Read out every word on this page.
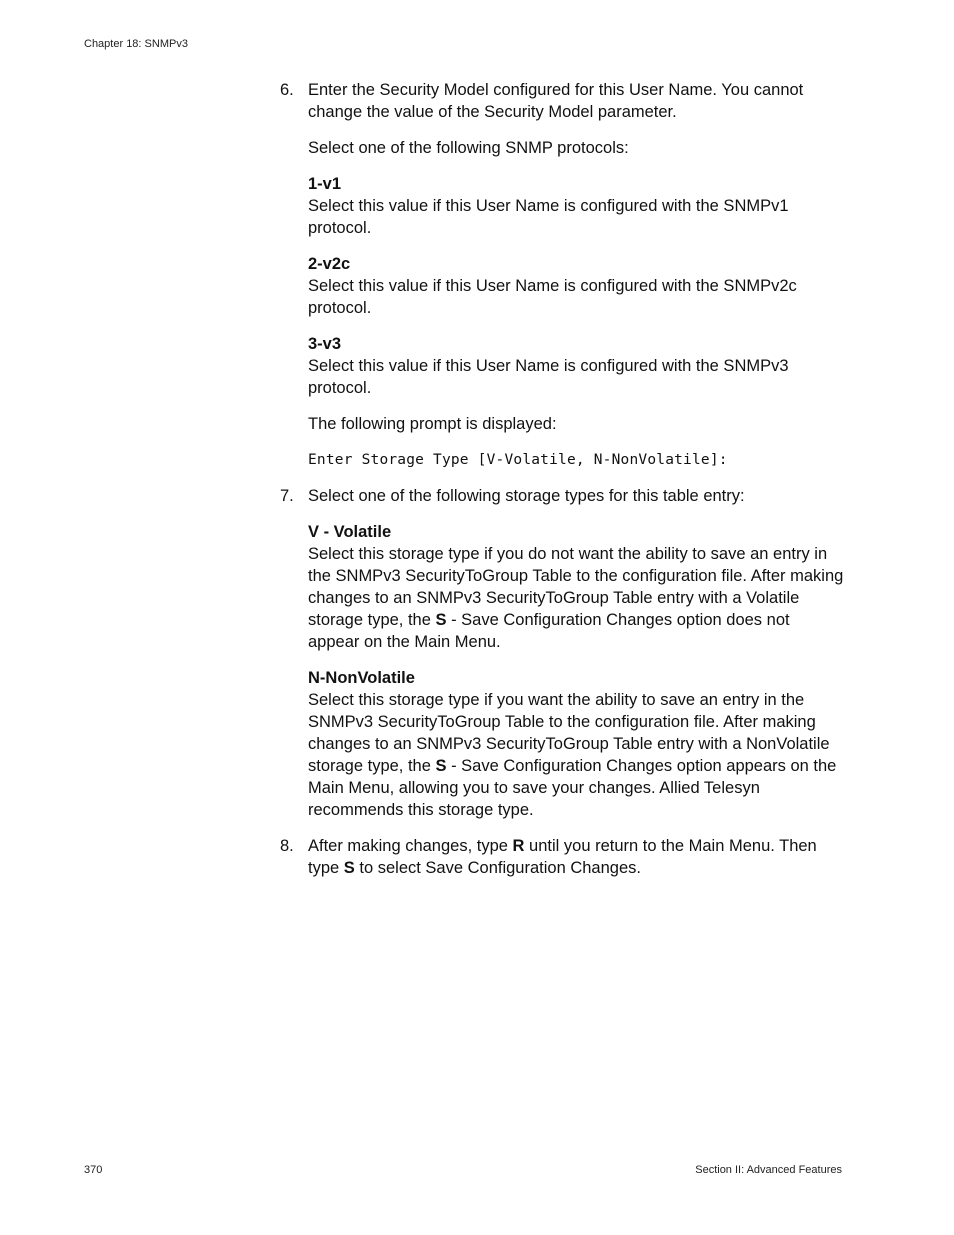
Chapter 18: SNMPv3
6. Enter the Security Model configured for this User Name. You cannot change the value of the Security Model parameter.

Select one of the following SNMP protocols:

1-v1

Select this value if this User Name is configured with the SNMPv1 protocol.

2-v2c

Select this value if this User Name is configured with the SNMPv2c protocol.

3-v3

Select this value if this User Name is configured with the SNMPv3 protocol.

The following prompt is displayed:

Enter Storage Type [V-Volatile, N-NonVolatile]:
7. Select one of the following storage types for this table entry:

V - Volatile

Select this storage type if you do not want the ability to save an entry in the SNMPv3 SecurityToGroup Table to the configuration file. After making changes to an SNMPv3 SecurityToGroup Table entry with a Volatile storage type, the S - Save Configuration Changes option does not appear on the Main Menu.

N-NonVolatile

Select this storage type if you want the ability to save an entry in the SNMPv3 SecurityToGroup Table to the configuration file. After making changes to an SNMPv3 SecurityToGroup Table entry with a NonVolatile storage type, the S - Save Configuration Changes option appears on the Main Menu, allowing you to save your changes. Allied Telesyn recommends this storage type.

8. After making changes, type R until you return to the Main Menu. Then type S to select Save Configuration Changes.

370	Section II: Advanced Features
